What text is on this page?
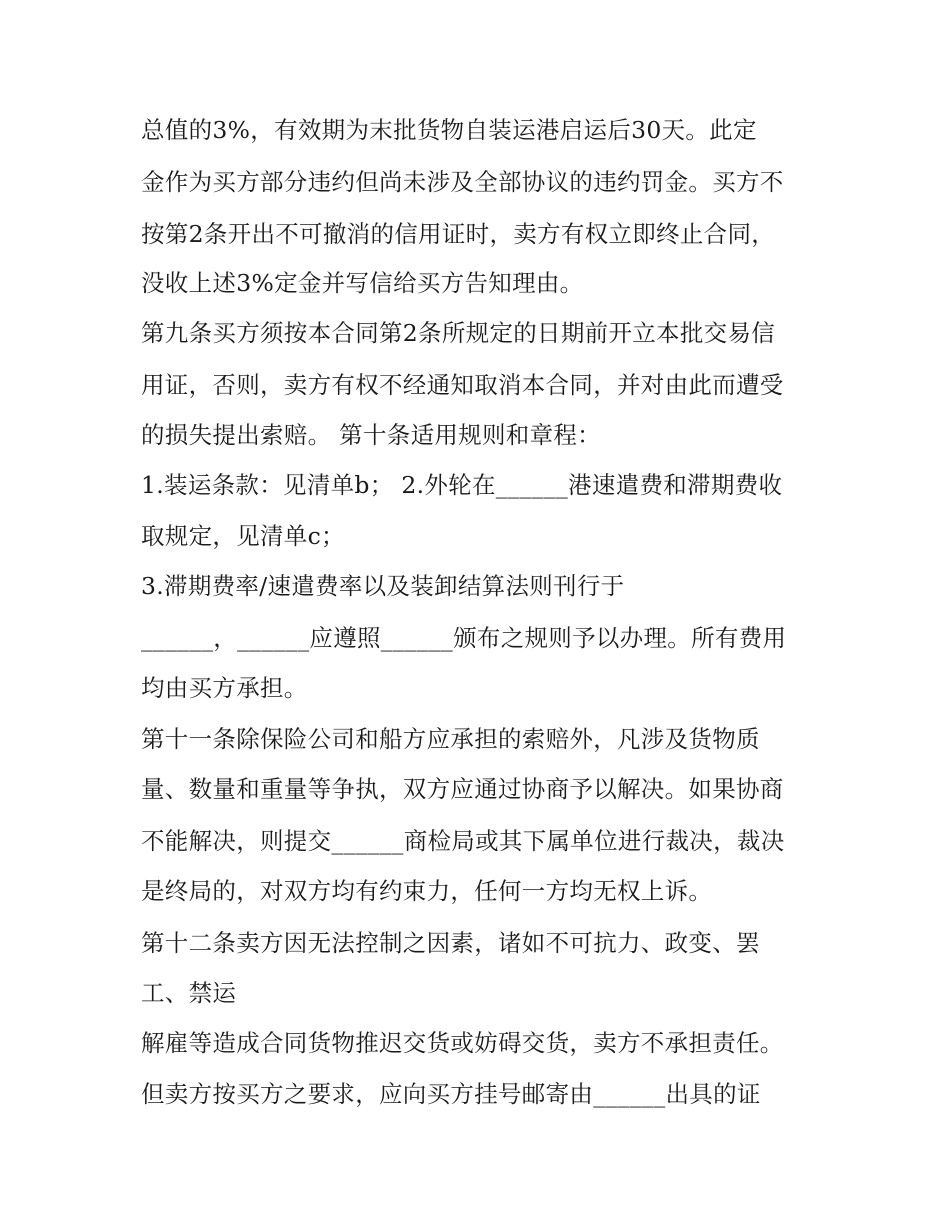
总值的3%，有效期为末批货物自装运港启运后30天。此定
金作为买方部分违约但尚未涉及全部协议的违约罚金。买方不
按第2条开出不可撤消的信用证时，卖方有权立即终止合同，
没收上述3%定金并写信给买方告知理由。
第九条买方须按本合同第2条所规定的日期前开立本批交易信
用证，否则，卖方有权不经通知取消本合同，并对由此而遭受
的损失提出索赔。 第十条适用规则和章程：
1.装运条款：见清单b； 2.外轮在______港速遣费和滞期费收
取规定，见清单c；
3.滞期费率/速遣费率以及装卸结算法则刊行于
______，______应遵照______颁布之规则予以办理。所有费用
均由买方承担。
第十一条除保险公司和船方应承担的索赔外，凡涉及货物质
量、数量和重量等争执，双方应通过协商予以解决。如果协商
不能解决，则提交______商检局或其下属单位进行裁决，裁决
是终局的，对双方均有约束力，任何一方均无权上诉。
第十二条卖方因无法控制之因素，诸如不可抗力、政变、罢
工、禁运
解雇等造成合同货物推迟交货或妨碍交货，卖方不承担责任。
但卖方按买方之要求，应向买方挂号邮寄由______出具的证
